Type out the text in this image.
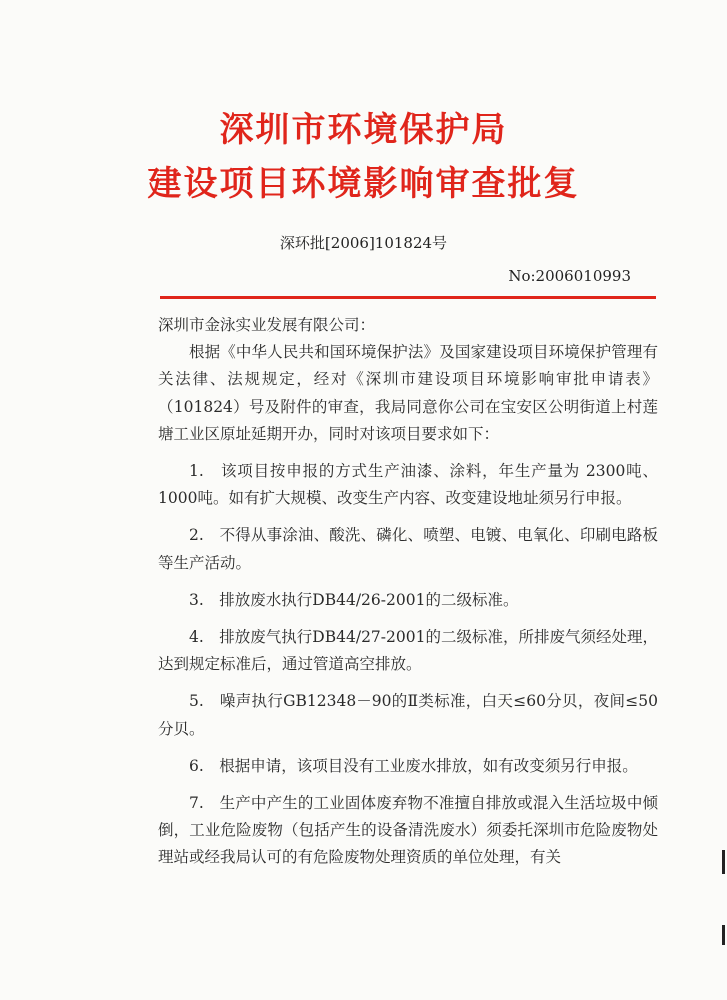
深圳市环境保护局
建设项目环境影响审查批复
深环批[2006]101824号
No:2006010993

深圳市金泳实业发展有限公司：

根据《中华人民共和国环境保护法》及国家建设项目环境保护管理有关法律、法规规定，经对《深圳市建设项目环境影响审批申请表》（101824）号及附件的审查，我局同意你公司在宝安区公明街道上村莲塘工业区原址延期开办，同时对该项目要求如下：

1.　该项目按申报的方式生产油漆、涂料，年生产量为 2300吨、1000吨。如有扩大规模、改变生产内容、改变建设地址须另行申报。

2.　不得从事涂油、酸洗、磷化、喷塑、电镀、电氧化、印刷电路板等生产活动。

3.　排放废水执行DB44/26-2001的二级标准。

4.　排放废气执行DB44/27-2001的二级标准，所排废气须经处理，达到规定标准后，通过管道高空排放。

5.　噪声执行GB12348－90的Ⅱ类标准，白天≤60分贝，夜间≤50分贝。

6.　根据申请，该项目没有工业废水排放，如有改变须另行申报。

7.　生产中产生的工业固体废弃物不准擅自排放或混入生活垃圾中倾倒，工业危险废物（包括产生的设备清洗废水）须委托深圳市危险废物处理站或经我局认可的有危险废物处理资质的单位处理，有关
